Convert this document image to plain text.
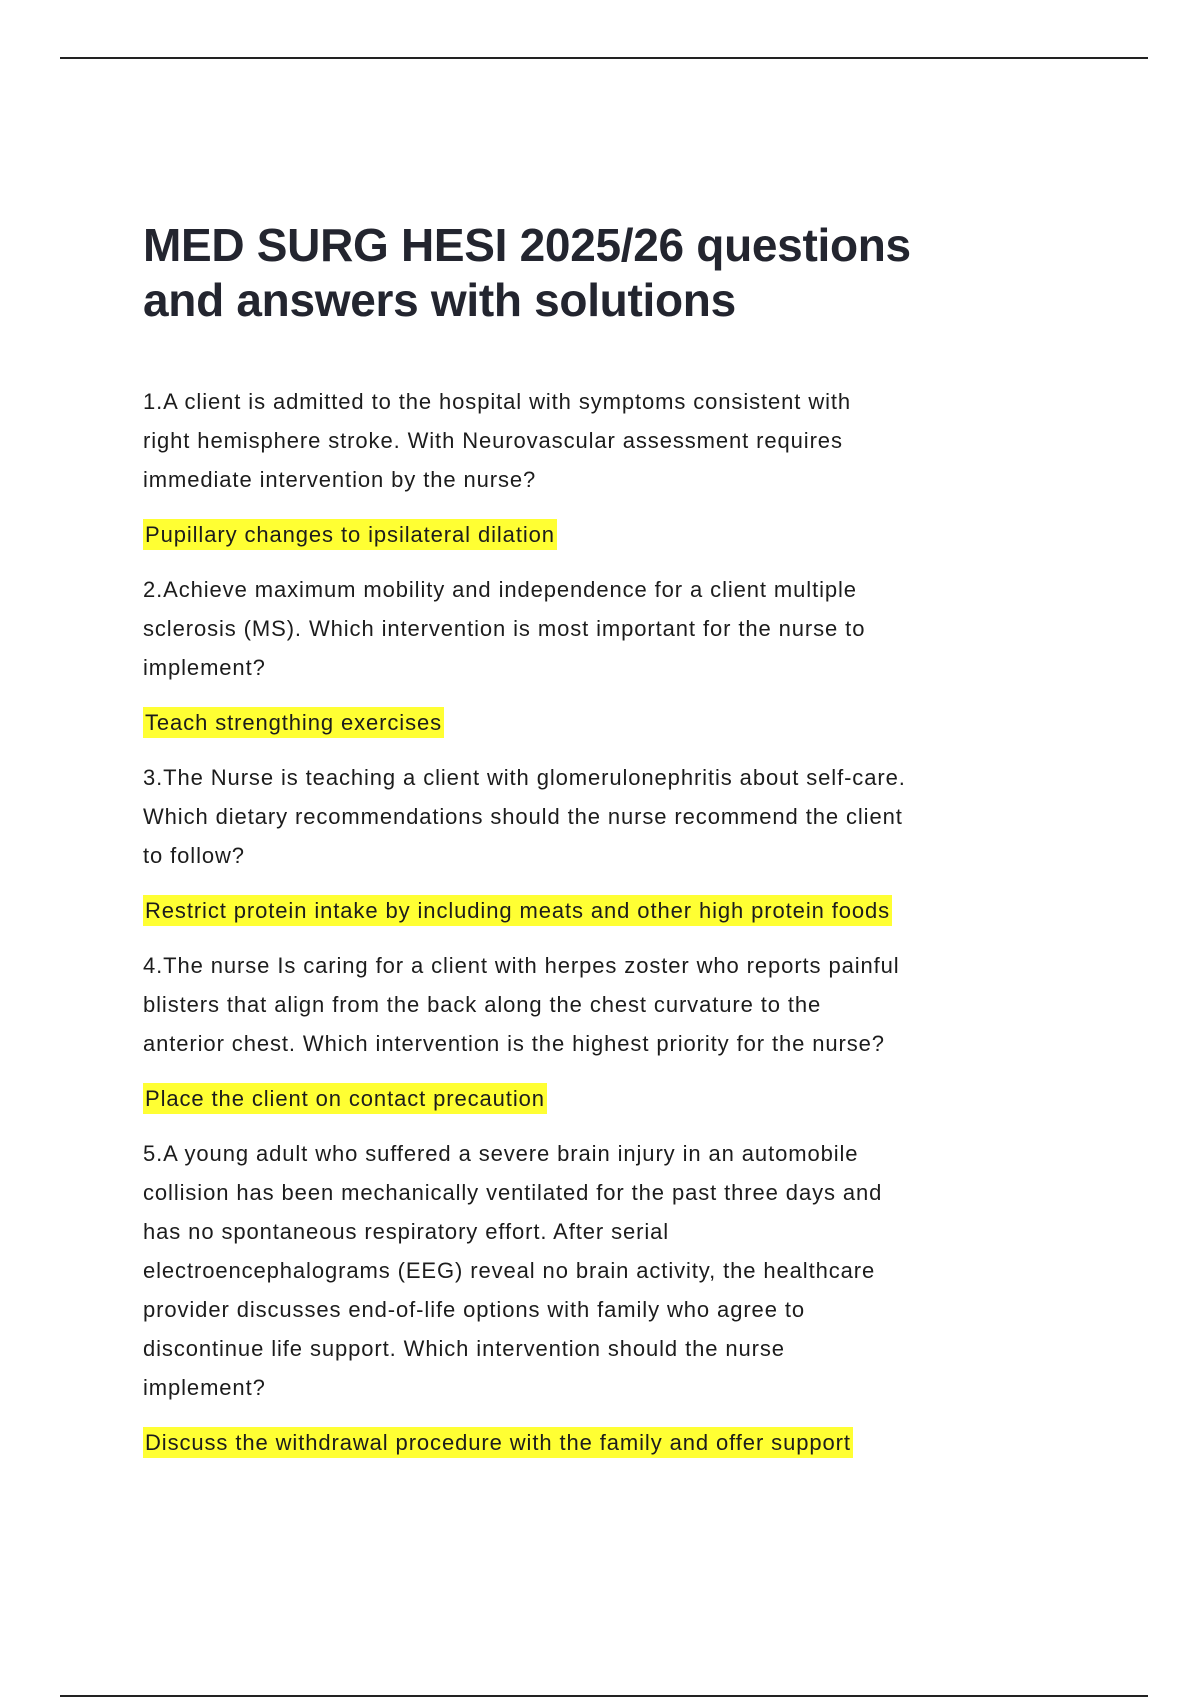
MED SURG HESI 2025/26 questions
and answers with solutions

1.A client is admitted to the hospital with symptoms consistent with
right hemisphere stroke. With Neurovascular assessment requires
immediate intervention by the nurse?

Pupillary changes to ipsilateral dilation

2.Achieve maximum mobility and independence for a client multiple
sclerosis (MS). Which intervention is most important for the nurse to
implement?

Teach strengthing exercises

3.The Nurse is teaching a client with glomerulonephritis about self-care.
Which dietary recommendations should the nurse recommend the client
to follow?

Restrict protein intake by including meats and other high protein foods

4.The nurse Is caring for a client with herpes zoster who reports painful
blisters that align from the back along the chest curvature to the
anterior chest. Which intervention is the highest priority for the nurse?

Place the client on contact precaution

5.A young adult who suffered a severe brain injury in an automobile
collision has been mechanically ventilated for the past three days and
has no spontaneous respiratory effort. After serial
electroencephalograms (EEG) reveal no brain activity, the healthcare
provider discusses end-of-life options with family who agree to
discontinue life support. Which intervention should the nurse
implement?

Discuss the withdrawal procedure with the family and offer support
